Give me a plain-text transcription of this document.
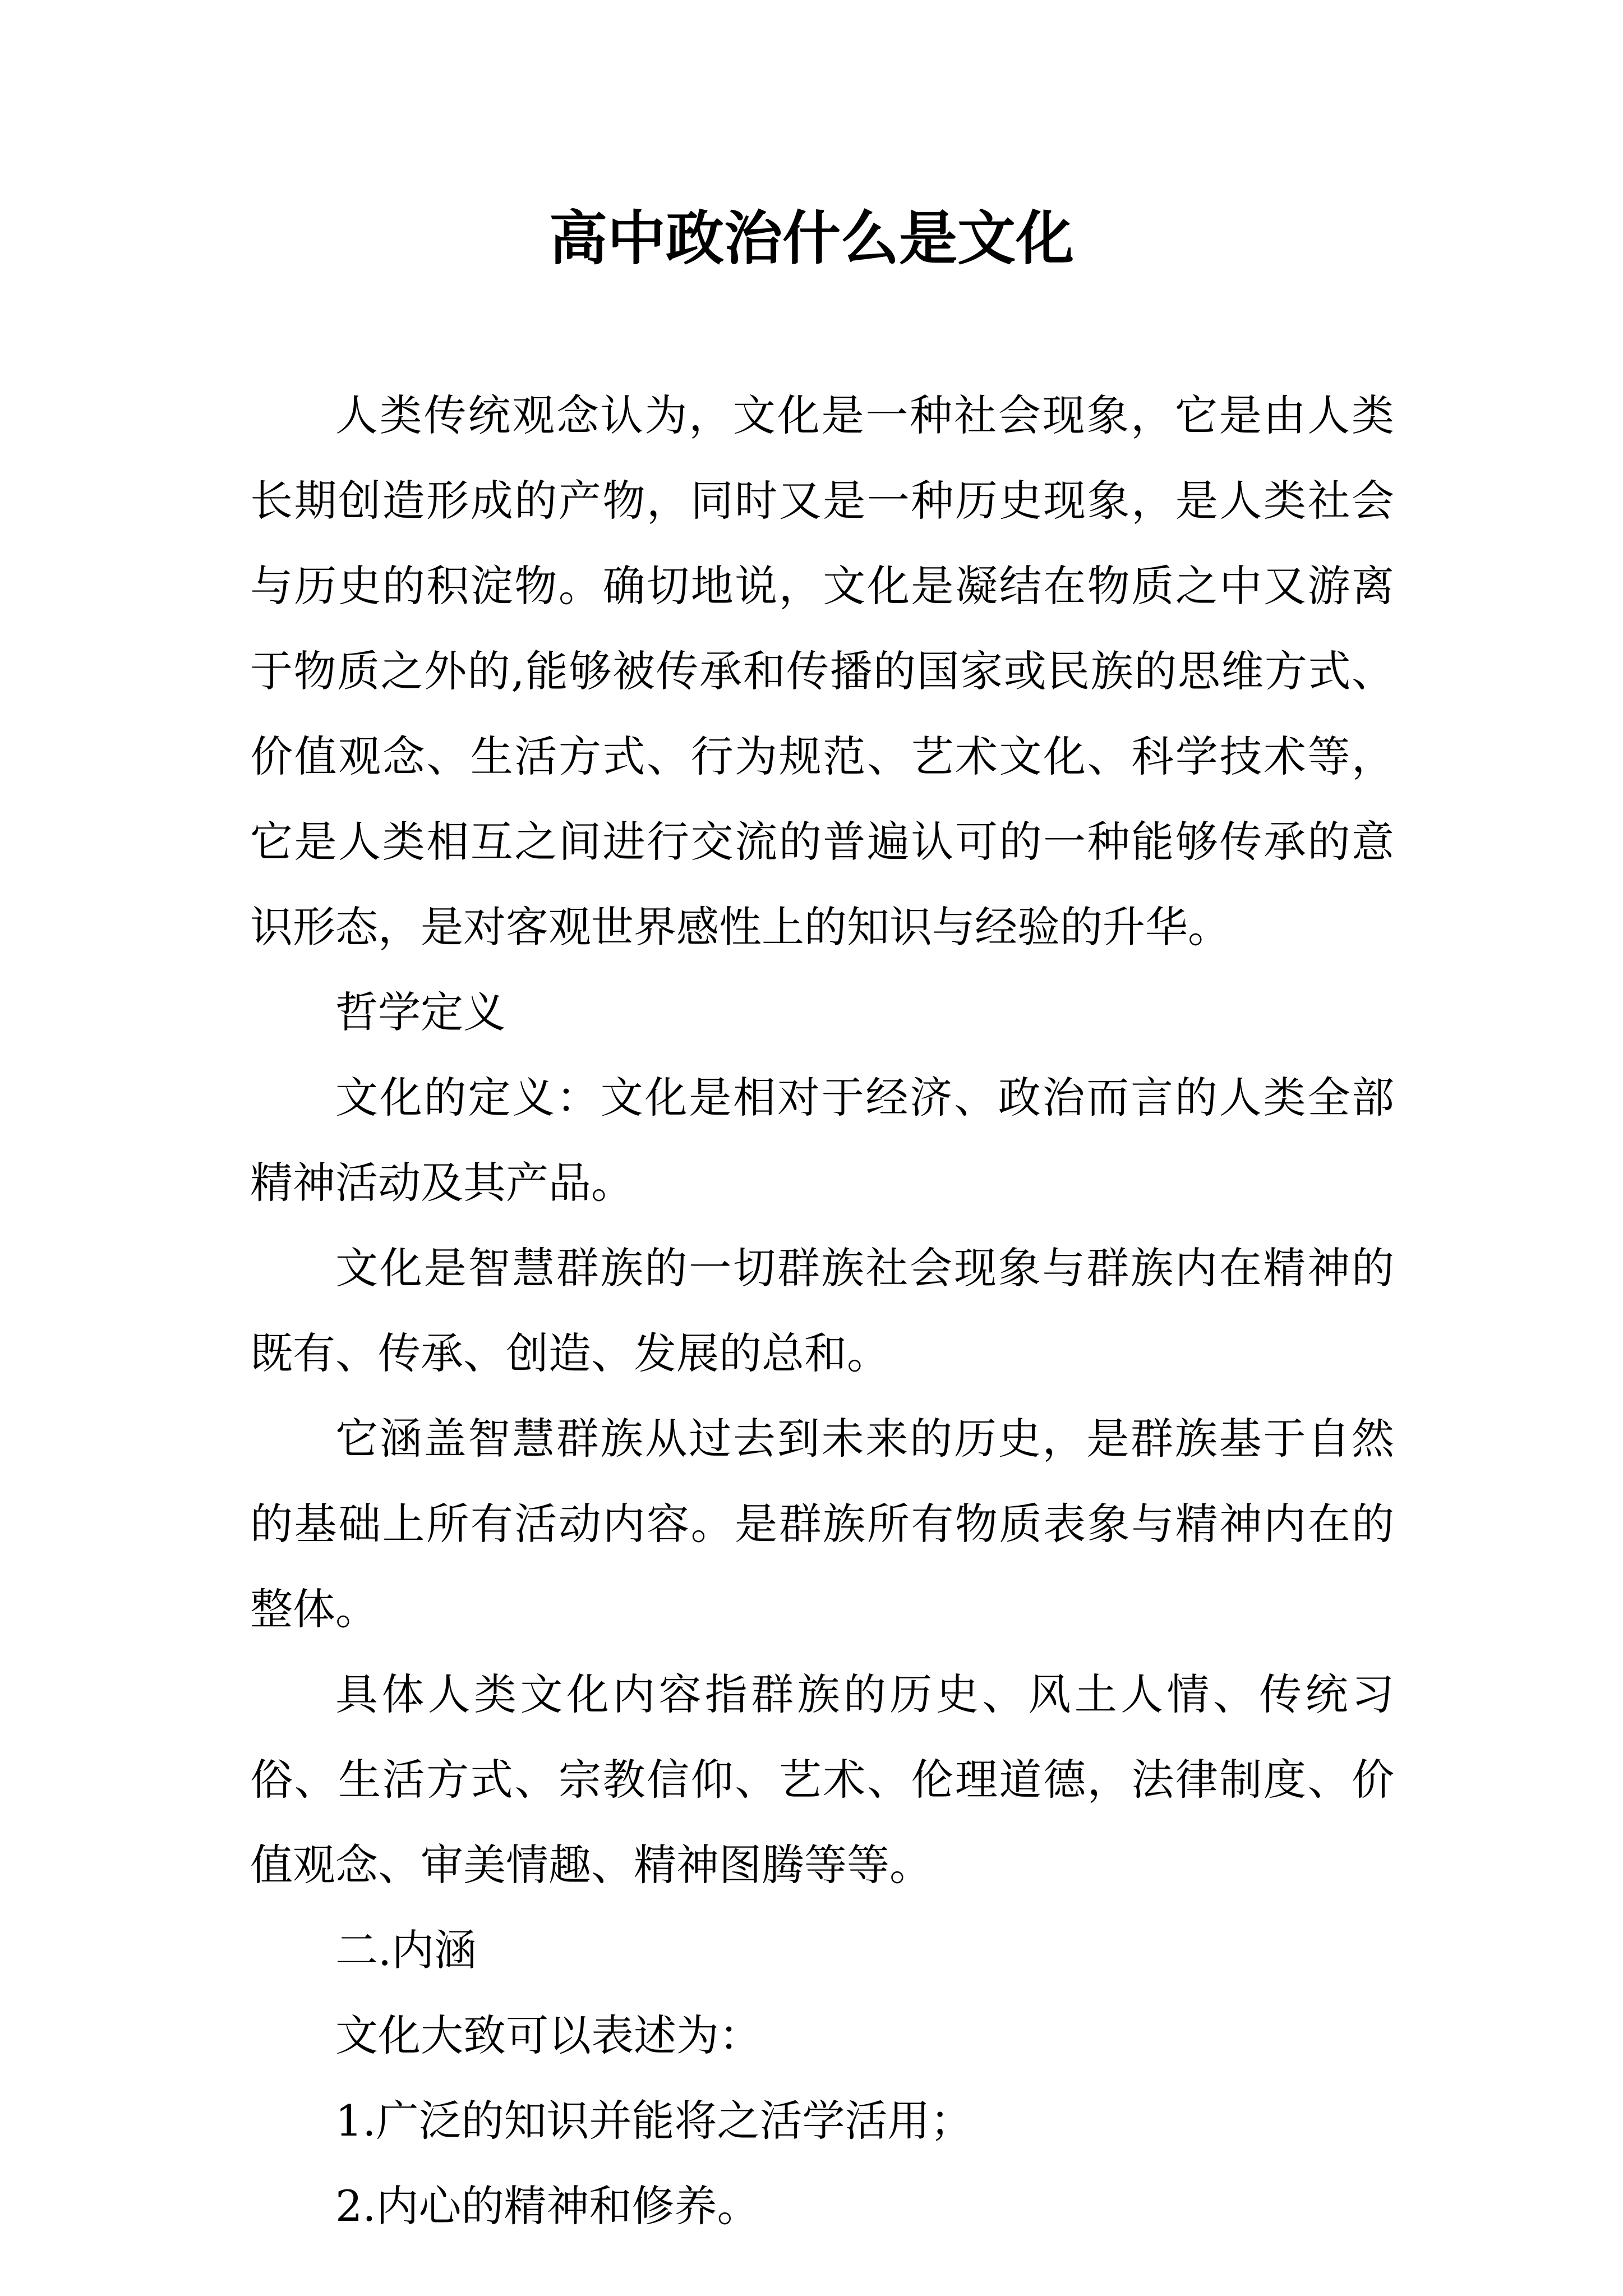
高中政治什么是文化

人类传统观念认为，文化是一种社会现象，它是由人类长期创造形成的产物，同时又是一种历史现象，是人类社会与历史的积淀物。确切地说，文化是凝结在物质之中又游离于物质之外的,能够被传承和传播的国家或民族的思维方式、价值观念、生活方式、行为规范、艺术文化、科学技术等，它是人类相互之间进行交流的普遍认可的一种能够传承的意识形态，是对客观世界感性上的知识与经验的升华。

哲学定义

文化的定义：文化是相对于经济、政治而言的人类全部精神活动及其产品。

文化是智慧群族的一切群族社会现象与群族内在精神的既有、传承、创造、发展的总和。

它涵盖智慧群族从过去到未来的历史，是群族基于自然的基础上所有活动内容。是群族所有物质表象与精神内在的整体。

具体人类文化内容指群族的历史、风土人情、传统习俗、生活方式、宗教信仰、艺术、伦理道德，法律制度、价值观念、审美情趣、精神图腾等等。

二.内涵

文化大致可以表述为：

1.广泛的知识并能将之活学活用；

2.内心的精神和修养。
